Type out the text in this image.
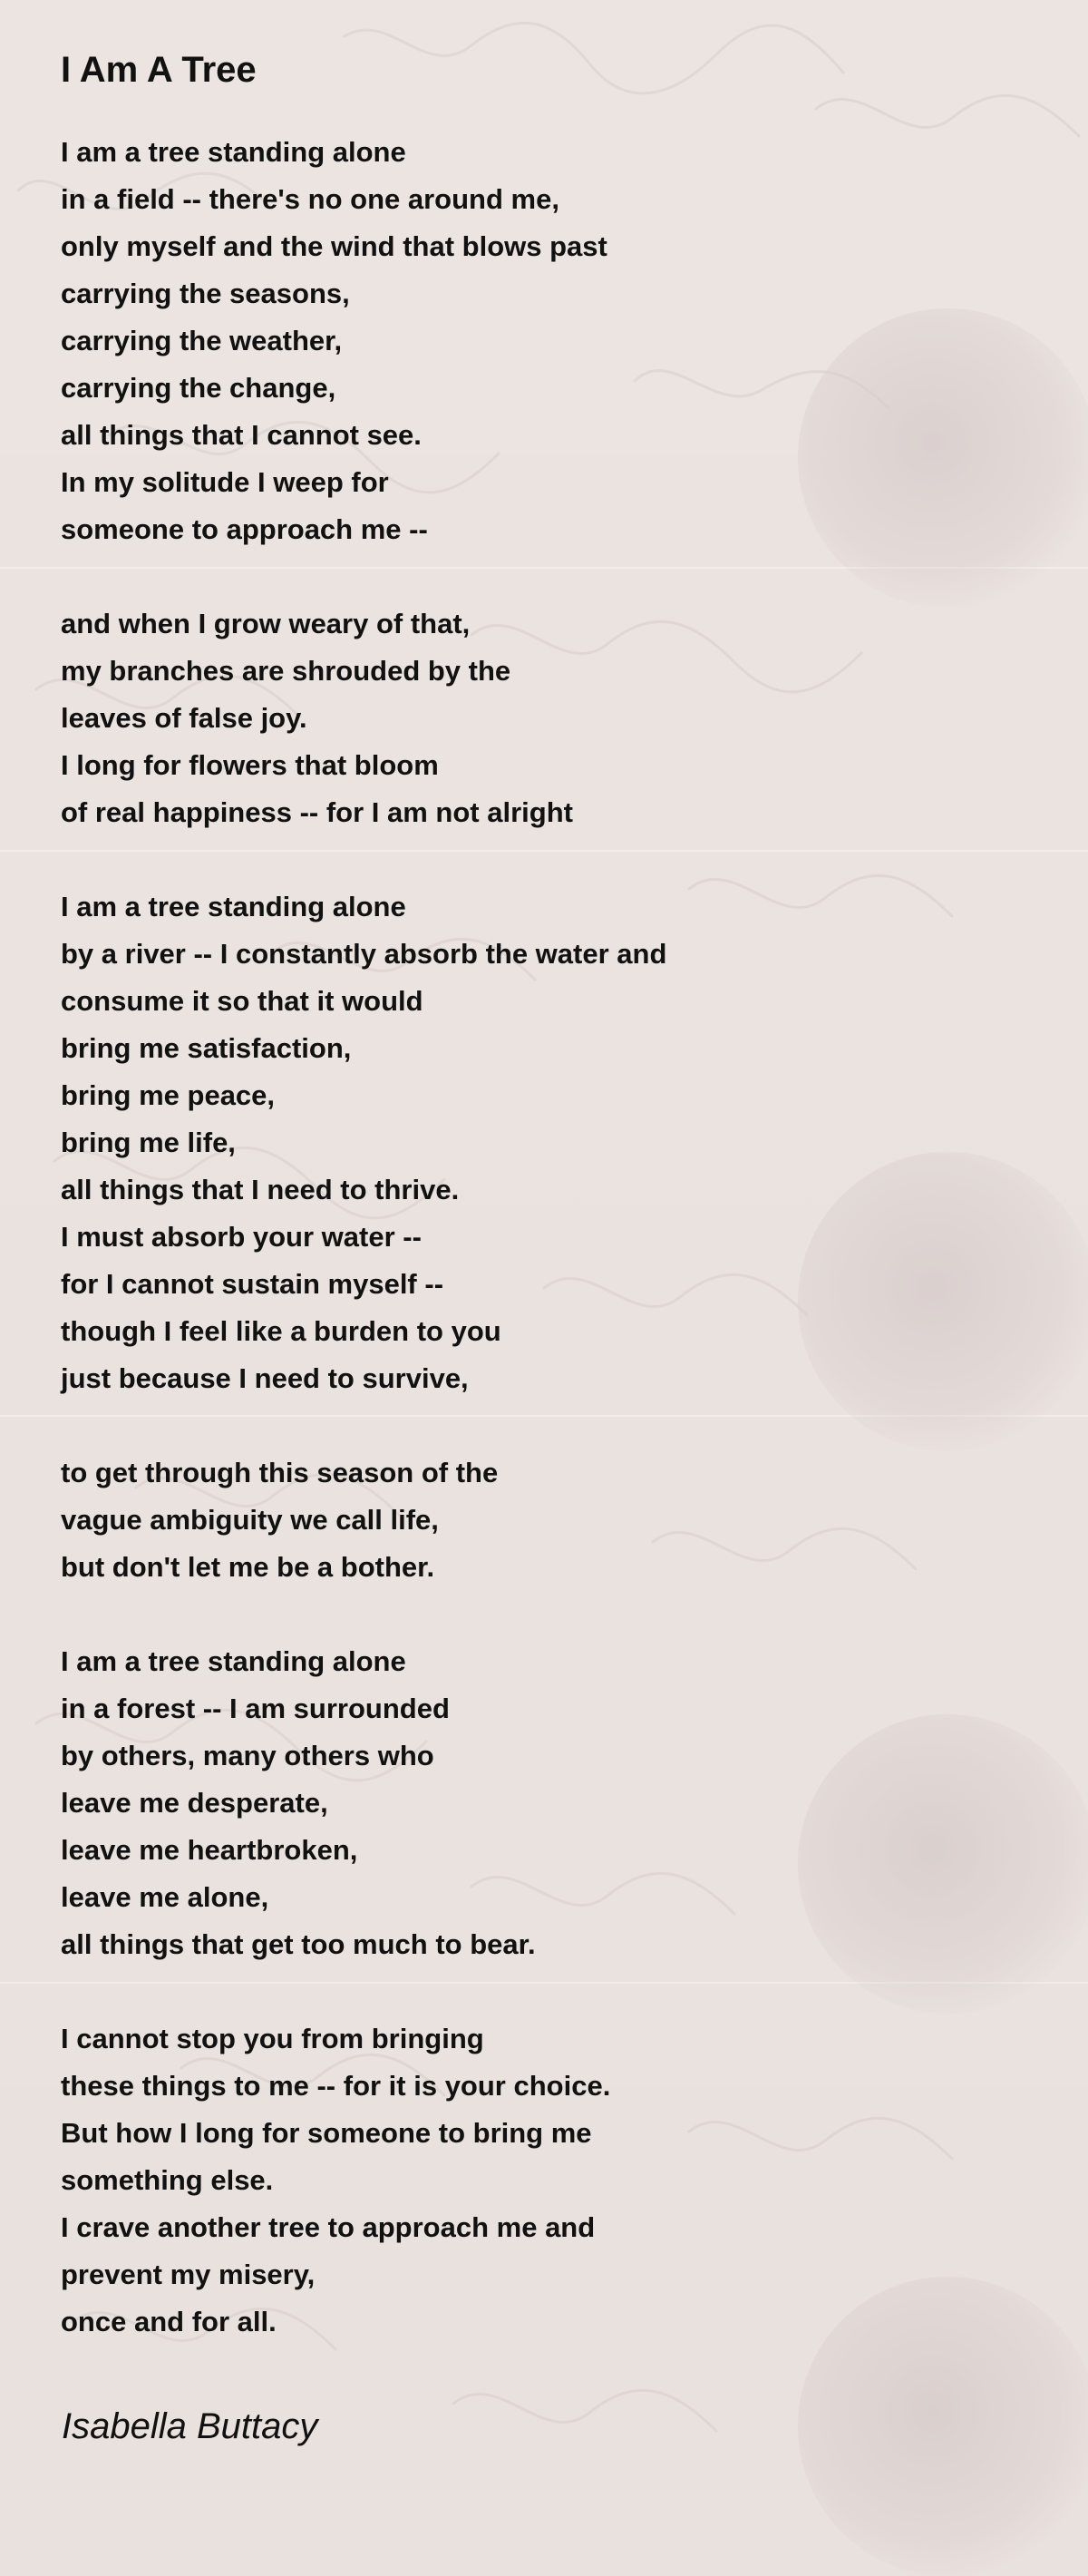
I Am A Tree
I am a tree standing alone
in a field -- there's no one around me,
only myself and the wind that blows past
carrying the seasons,
carrying the weather,
carrying the change,
all things that I cannot see.
In my solitude I weep for
someone to approach me --
and when I grow weary of that,
my branches are shrouded by the
leaves of false joy.
I long for flowers that bloom
of real happiness -- for I am not alright
I am a tree standing alone
by a river -- I constantly absorb the water and
consume it so that it would
bring me satisfaction,
bring me peace,
bring me life,
all things that I need to thrive.
I must absorb your water --
for I cannot sustain myself --
though I feel like a burden to you
just because I need to survive,
to get through this season of the
vague ambiguity we call life,
but don't let me be a bother.
I am a tree standing alone
in a forest -- I am surrounded
by others, many others who
leave me desperate,
leave me heartbroken,
leave me alone,
all things that get too much to bear.
I cannot stop you from bringing
these things to me -- for it is your choice.
But how I long for someone to bring me
something else.
I crave another tree to approach me and
prevent my misery,
once and for all.
Isabella Buttacy
